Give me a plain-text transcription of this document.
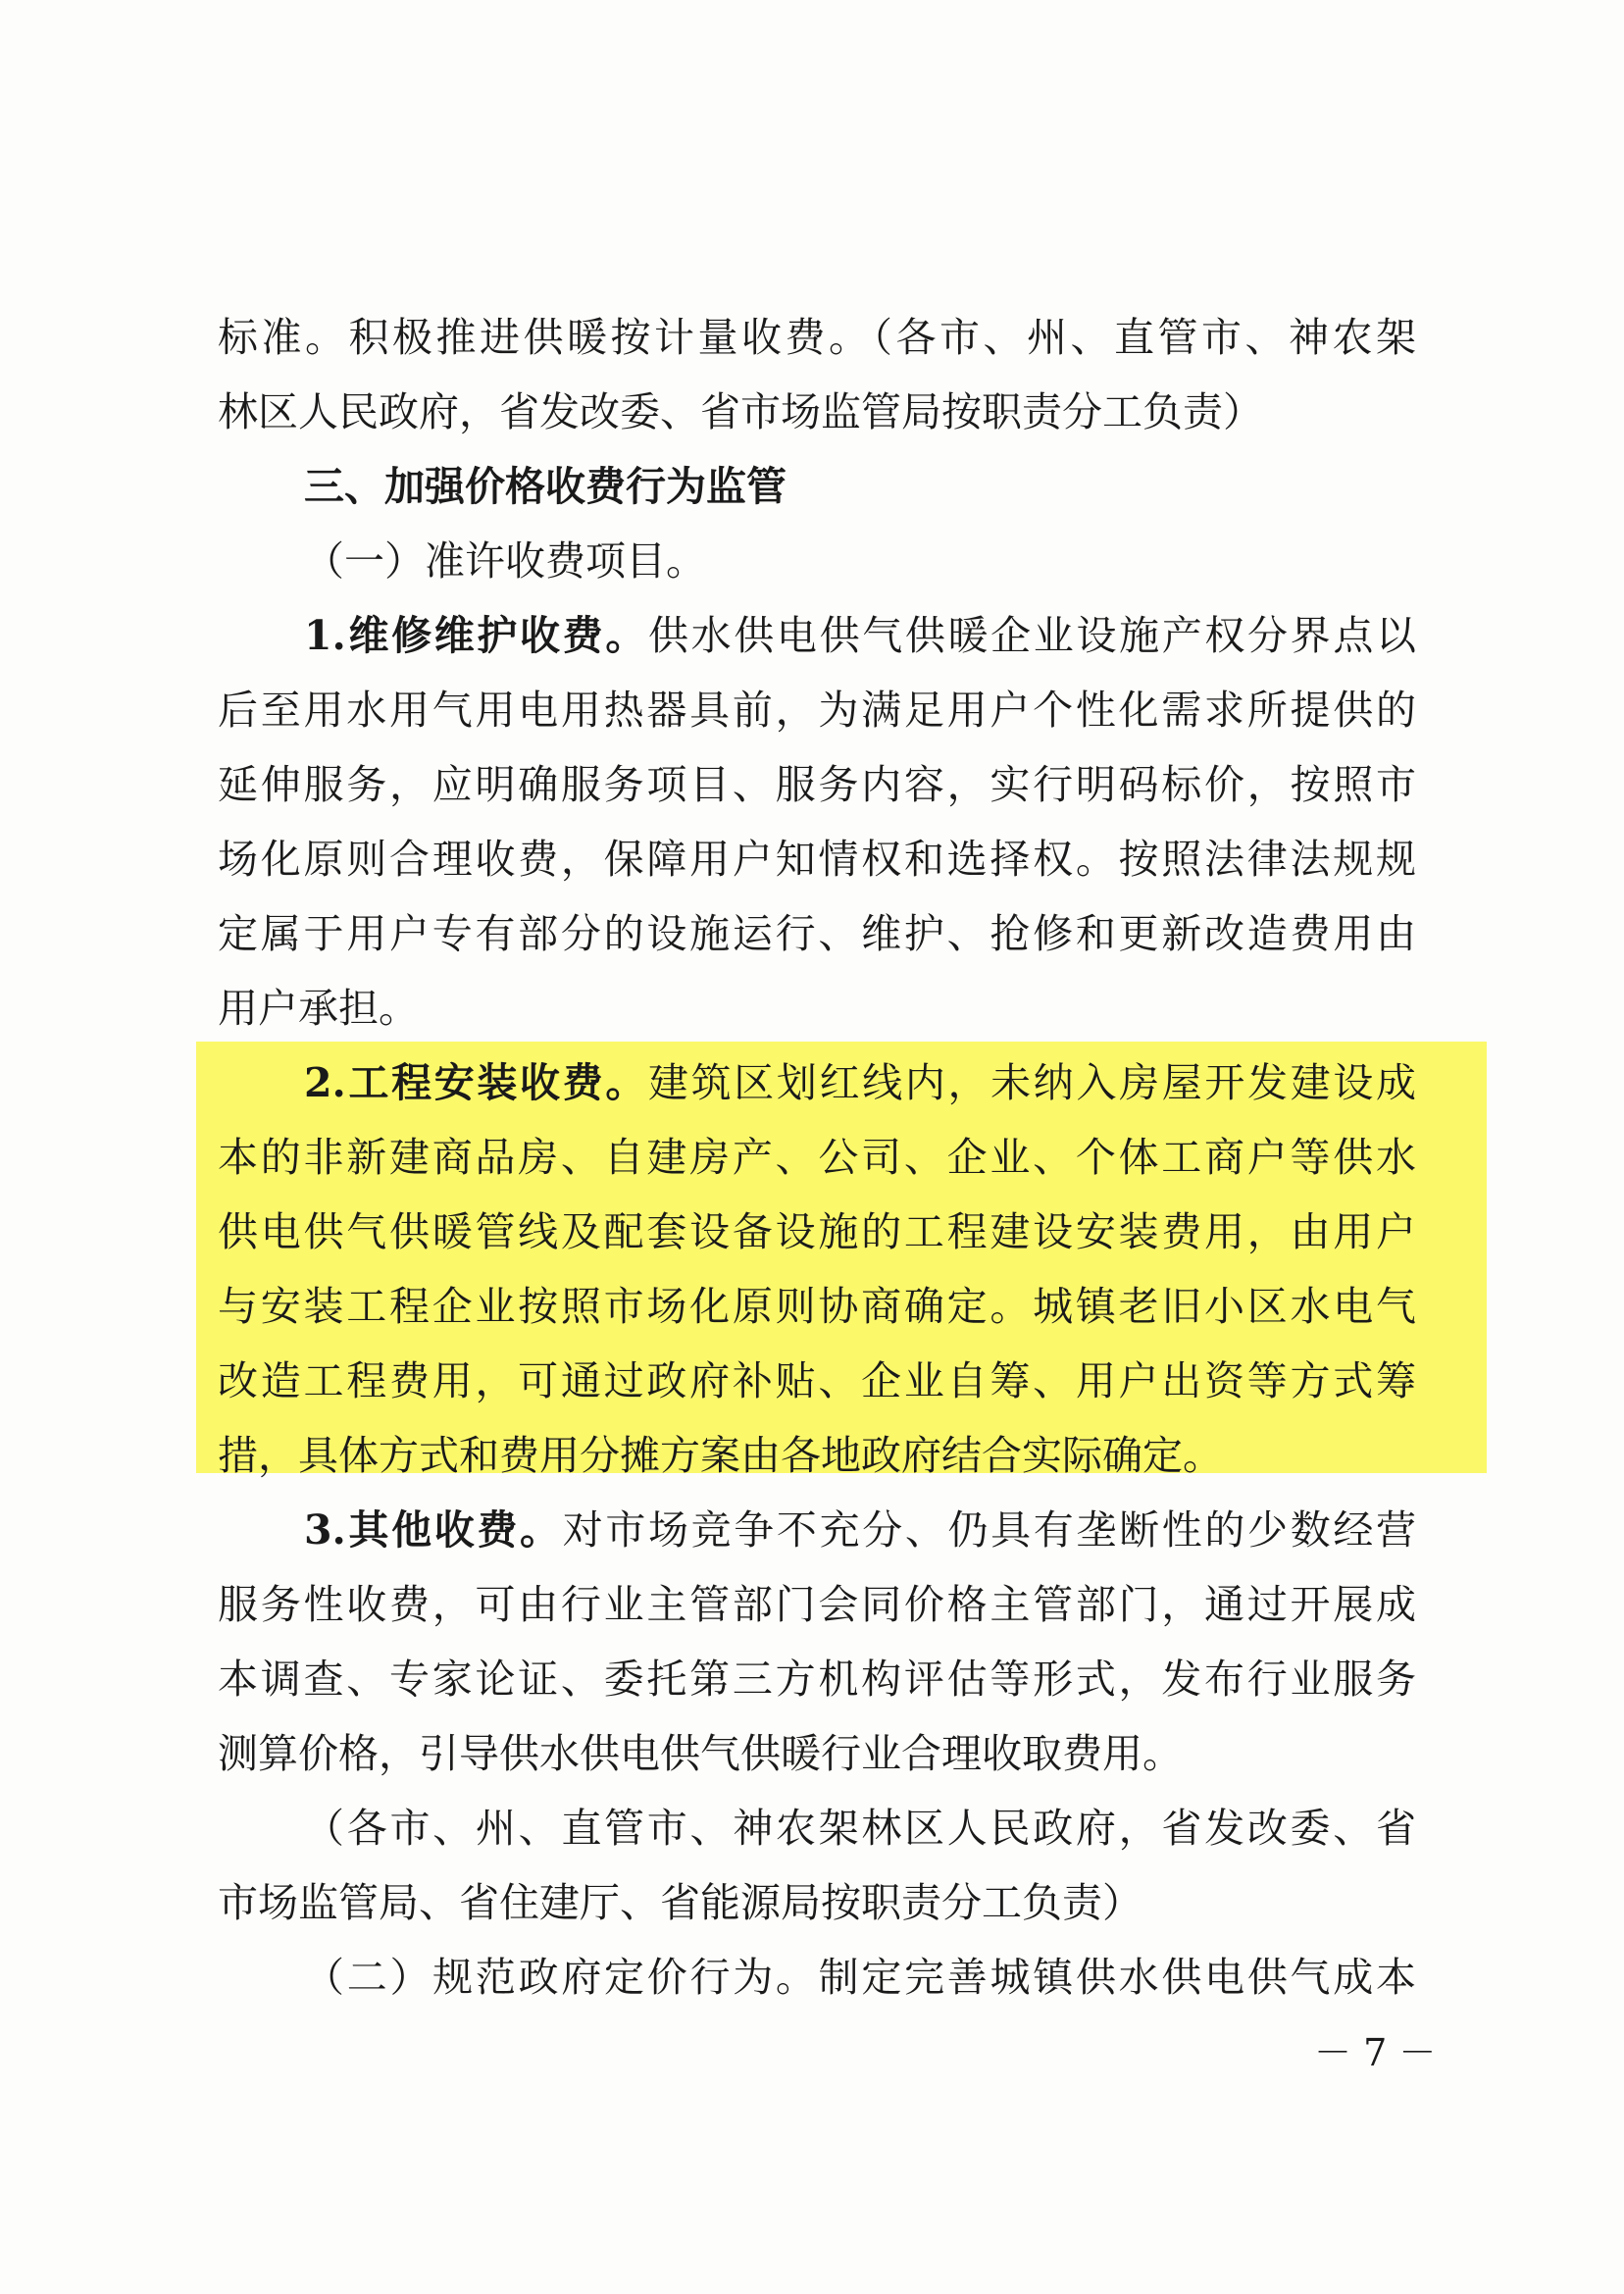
标准。积极推进供暖按计量收费。（各市、州、直管市、神农架
林区人民政府，省发改委、省市场监管局按职责分工负责）
三、加强价格收费行为监管
（一）准许收费项目。
1.维修维护收费。供水供电供气供暖企业设施产权分界点以
后至用水用气用电用热器具前，为满足用户个性化需求所提供的
延伸服务，应明确服务项目、服务内容，实行明码标价，按照市
场化原则合理收费，保障用户知情权和选择权。按照法律法规规
定属于用户专有部分的设施运行、维护、抢修和更新改造费用由
用户承担。
2.工程安装收费。建筑区划红线内，未纳入房屋开发建设成
本的非新建商品房、自建房产、公司、企业、个体工商户等供水
供电供气供暖管线及配套设备设施的工程建设安装费用，由用户
与安装工程企业按照市场化原则协商确定。城镇老旧小区水电气
改造工程费用，可通过政府补贴、企业自筹、用户出资等方式筹
措，具体方式和费用分摊方案由各地政府结合实际确定。
3.其他收费。对市场竞争不充分、仍具有垄断性的少数经营
服务性收费，可由行业主管部门会同价格主管部门，通过开展成
本调查、专家论证、委托第三方机构评估等形式，发布行业服务
测算价格，引导供水供电供气供暖行业合理收取费用。
（各市、州、直管市、神农架林区人民政府，省发改委、省
市场监管局、省住建厅、省能源局按职责分工负责）
（二）规范政府定价行为。制定完善城镇供水供电供气成本
－ 7 －
